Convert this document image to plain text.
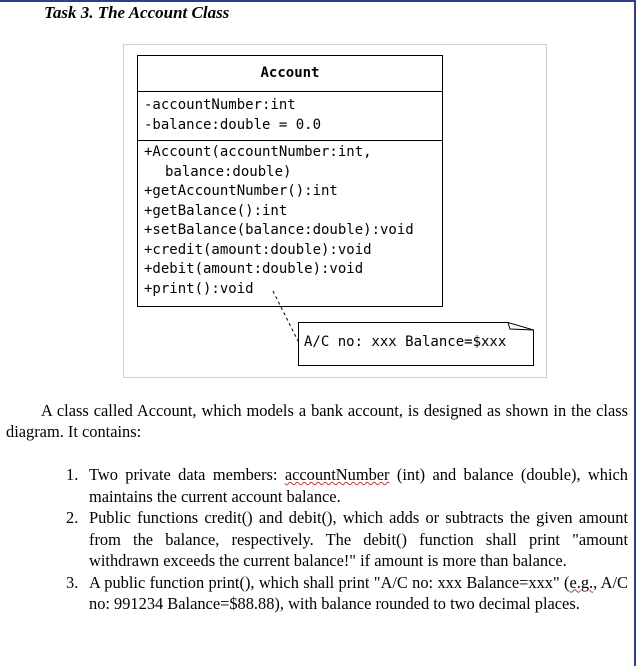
Task 3. The Account Class
Account
-accountNumber:int
-balance:double = 0.0
+Account(accountNumber:int,
balance:double)
+getAccountNumber():int
+getBalance():int
+setBalance(balance:double):void
+credit(amount:double):void
+debit(amount:double):void
+print():void
A/C no: xxx Balance=$xxx
A class called Account, which models a bank account, is designed as shown in the class diagram. It contains:
1. Two private data members: accountNumber (int) and balance (double), which maintains the current account balance.
2. Public functions credit() and debit(), which adds or subtracts the given amount from the balance, respectively. The debit() function shall print "amount withdrawn exceeds the current balance!" if amount is more than balance.
3. A public function print(), which shall print "A/C no: xxx Balance=xxx" (e.g., A/C no: 991234 Balance=$88.88), with balance rounded to two decimal places.
